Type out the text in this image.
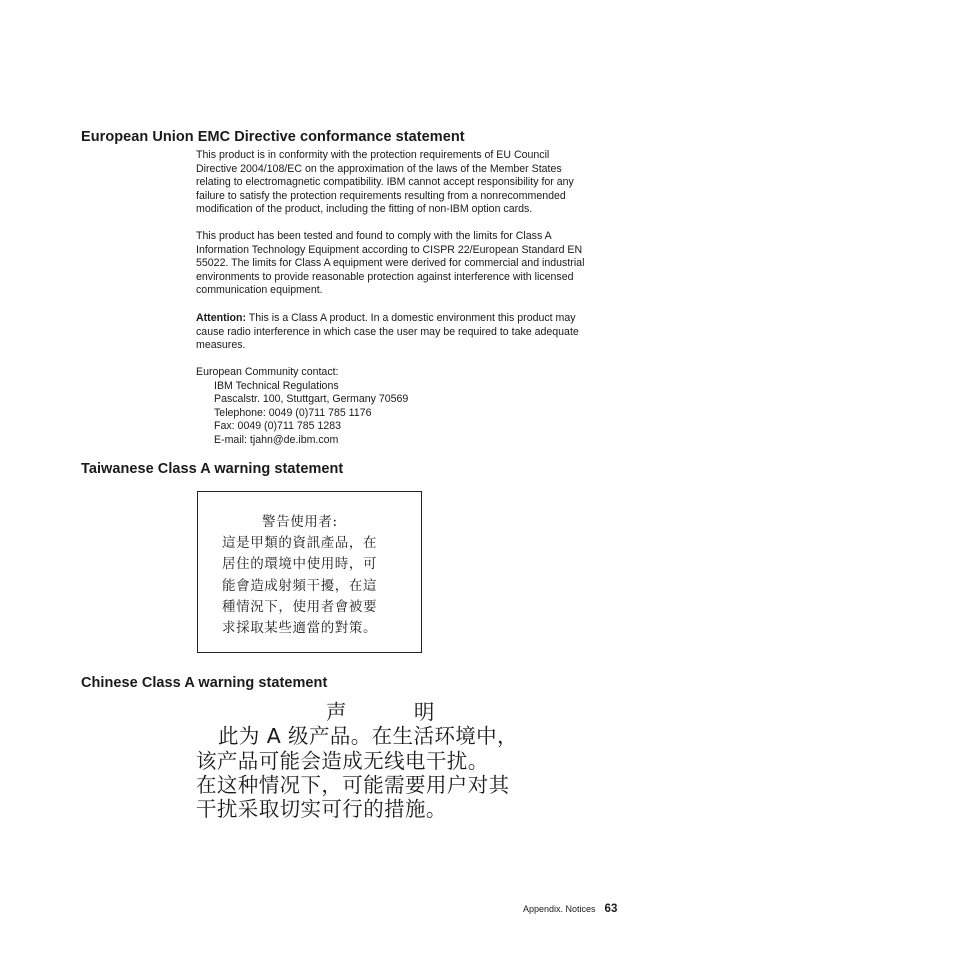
European Union EMC Directive conformance statement

This product is in conformity with the protection requirements of EU Council
Directive 2004/108/EC on the approximation of the laws of the Member States
relating to electromagnetic compatibility. IBM cannot accept responsibility for any
failure to satisfy the protection requirements resulting from a nonrecommended
modification of the product, including the fitting of non-IBM option cards.

This product has been tested and found to comply with the limits for Class A
Information Technology Equipment according to CISPR 22/European Standard EN
55022. The limits for Class A equipment were derived for commercial and industrial
environments to provide reasonable protection against interference with licensed
communication equipment.

Attention: This is a Class A product. In a domestic environment this product may
cause radio interference in which case the user may be required to take adequate
measures.

European Community contact:
IBM Technical Regulations
Pascalstr. 100, Stuttgart, Germany 70569
Telephone: 0049 (0)711 785 1176
Fax: 0049 (0)711 785 1283
E-mail: tjahn@de.ibm.com
Taiwanese Class A warning statement
警告使用者:
這是甲類的資訊產品，在
居住的環境中使用時，可
能會造成射頻干擾，在這
種情況下，使用者會被要
求採取某些適當的對策。
Chinese Class A warning statement
声 明
此为 A 级产品。在生活环境中，
该产品可能会造成无线电干扰。
在这种情况下，可能需要用户对其
干扰采取切实可行的措施。
Appendix. Notices 63
